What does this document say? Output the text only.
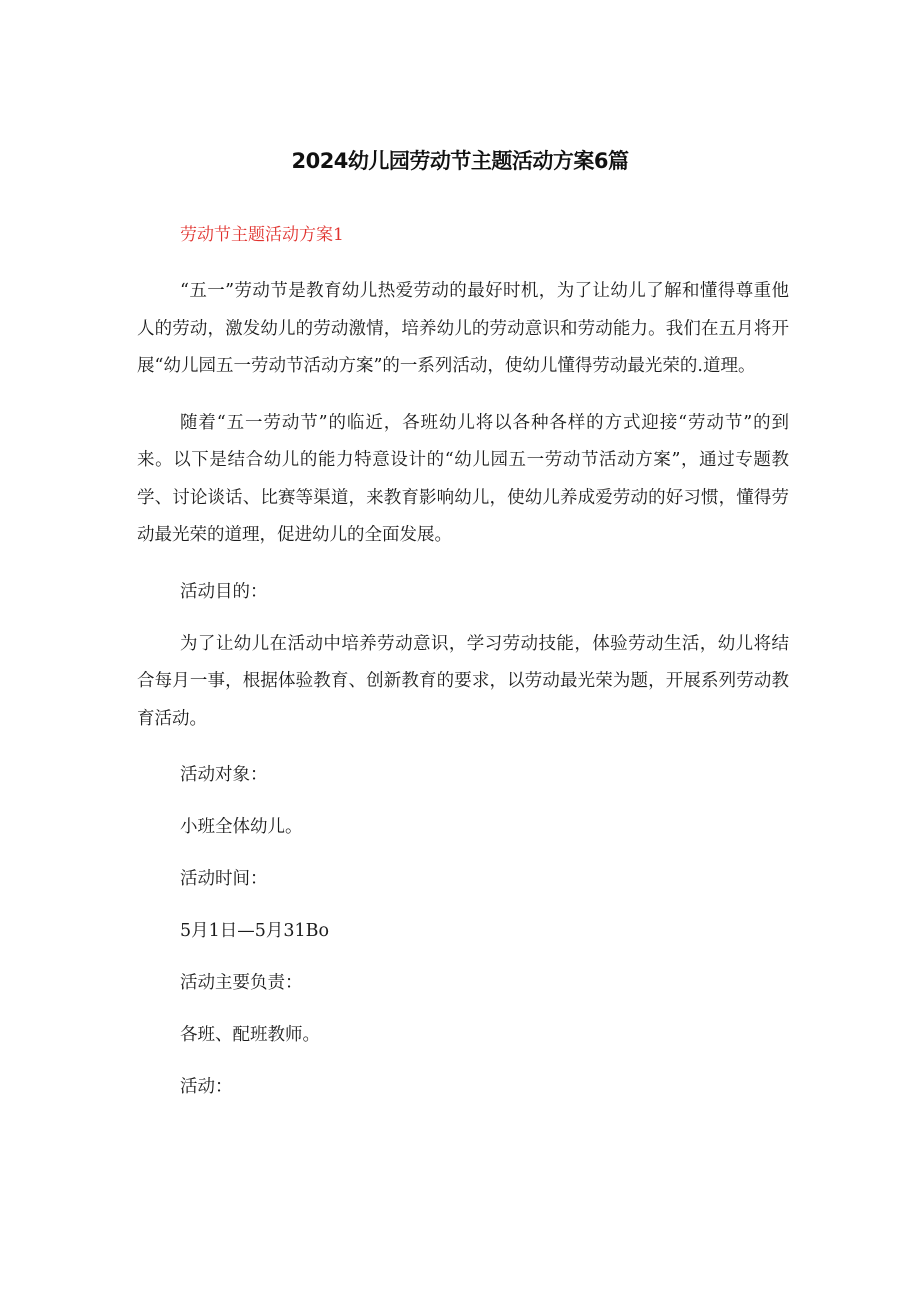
2024幼儿园劳动节主题活动方案6篇

劳动节主题活动方案1

“五一”劳动节是教育幼儿热爱劳动的最好时机，为了让幼儿了解和懂得尊重他人的劳动，激发幼儿的劳动激情，培养幼儿的劳动意识和劳动能力。我们在五月将开展“幼儿园五一劳动节活动方案”的一系列活动，使幼儿懂得劳动最光荣的.道理。

随着“五一劳动节”的临近，各班幼儿将以各种各样的方式迎接“劳动节”的到来。以下是结合幼儿的能力特意设计的“幼儿园五一劳动节活动方案”，通过专题教学、讨论谈话、比赛等渠道，来教育影响幼儿，使幼儿养成爱劳动的好习惯，懂得劳动最光荣的道理，促进幼儿的全面发展。

活动目的：

为了让幼儿在活动中培养劳动意识，学习劳动技能，体验劳动生活，幼儿将结合每月一事，根据体验教育、创新教育的要求，以劳动最光荣为题，开展系列劳动教育活动。

活动对象：

小班全体幼儿。

活动时间：

5月1日—5月31Bo

活动主要负责：

各班、配班教师。

活动：
